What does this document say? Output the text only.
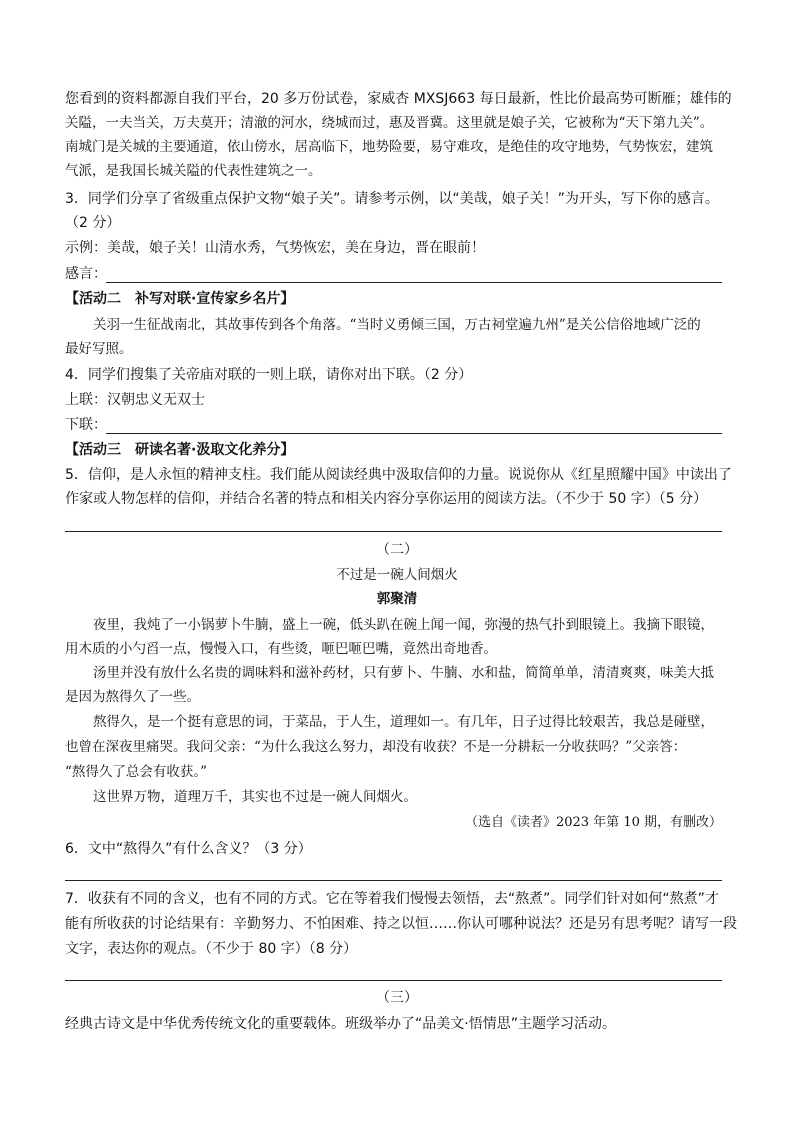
您看到的资料都源自我们平台，20 多万份试卷，家威杏 MXSJ663 每日最新，性比价最高势可断雁；雄伟的
关隘，一夫当关，万夫莫开；清澈的河水，绕城而过，惠及晋冀。这里就是娘子关，它被称为“天下第九关”。
南城门是关城的主要通道，依山傍水，居高临下，地势险要，易守难攻，是绝佳的攻守地势，气势恢宏，建筑
气派，是我国长城关隘的代表性建筑之一。
3．同学们分享了省级重点保护文物“娘子关”。请参考示例，以“美哉，娘子关！”为开头，写下你的感言。
（2 分）
示例：美哉，娘子关！山清水秀，气势恢宏，美在身边，晋在眼前！
感言：
【活动二　补写对联·宣传家乡名片】
关羽一生征战南北，其故事传到各个角落。“当时义勇倾三国，万古祠堂遍九州”是关公信俗地域广泛的
最好写照。
4．同学们搜集了关帝庙对联的一则上联，请你对出下联。（2 分）
上联：汉朝忠义无双士
下联：
【活动三　研读名著·汲取文化养分】
5．信仰，是人永恒的精神支柱。我们能从阅读经典中汲取信仰的力量。说说你从《红星照耀中国》中读出了
作家或人物怎样的信仰，并结合名著的特点和相关内容分享你运用的阅读方法。（不少于 50 字）（5 分）
（二）
不过是一碗人间烟火
郭聚清
夜里，我炖了一小锅萝卜牛腩，盛上一碗，低头趴在碗上闻一闻，弥漫的热气扑到眼镜上。我摘下眼镜，
用木质的小勺舀一点，慢慢入口，有些烫，咂巴咂巴嘴，竟然出奇地香。
汤里并没有放什么名贵的调味料和滋补药材，只有萝卜、牛腩、水和盐，简简单单，清清爽爽，味美大抵
是因为熬得久了一些。
熬得久，是一个挺有意思的词，于菜品，于人生，道理如一。有几年，日子过得比较艰苦，我总是碰壁，
也曾在深夜里痛哭。我问父亲：“为什么我这么努力，却没有收获？不是一分耕耘一分收获吗？”父亲答：
“熬得久了总会有收获。”
这世界万物，道理万千，其实也不过是一碗人间烟火。
（选自《读者》2023 年第 10 期，有删改）
6．文中“熬得久”有什么含义？（3 分）
7．收获有不同的含义，也有不同的方式。它在等着我们慢慢去领悟，去“熬煮”。同学们针对如何“熬煮”才
能有所收获的讨论结果有：辛勤努力、不怕困难、持之以恒……你认可哪种说法？还是另有思考呢？请写一段
文字，表达你的观点。（不少于 80 字）（8 分）
（三）
经典古诗文是中华优秀传统文化的重要载体。班级举办了“品美文·悟情思”主题学习活动。
